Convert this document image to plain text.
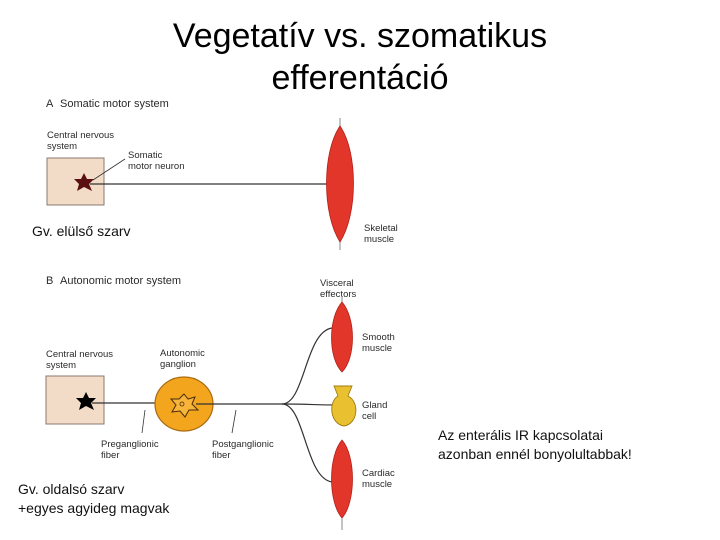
Vegetatív vs. szomatikus
efferentáció
A Somatic motor system
Central nervous
system
Somatic
motor neuron
Skeletal
muscle
B Autonomic motor system	Visceral
effectors
Central nervous
system
Autonomic
ganglion
Preganglionic
fiber
Postganglionic
fiber
Smooth
muscle
Gland
cell
Cardiac
muscle
Gv. elülső szarv
Gv. oldalsó szarv
+egyes agyideg magvak
Az enterális IR kapcsolatai
azonban ennél bonyolultabbak!
